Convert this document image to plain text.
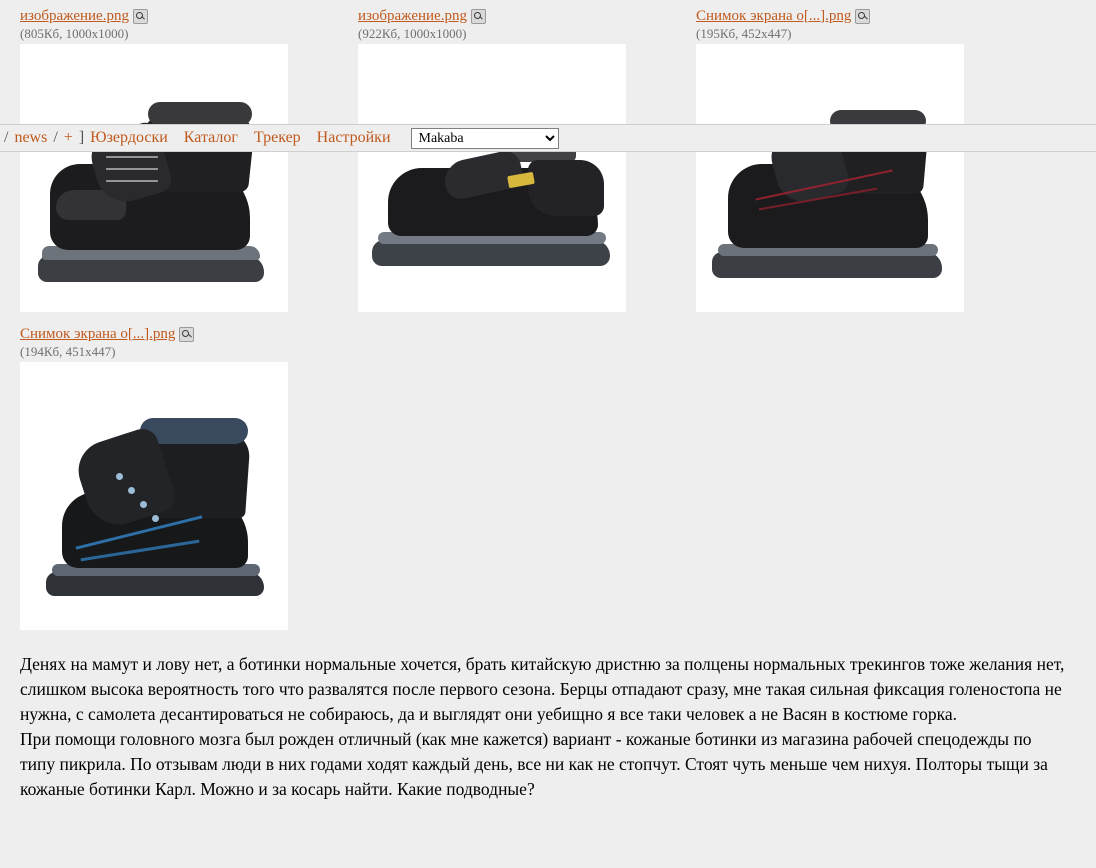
изображение.png
(805Кб, 1000x1000)
изображение.png
(922Кб, 1000x1000)
Снимок экрана о[...].png
(195Кб, 452x447)
Снимок экрана о[...].png
(194Кб, 451x447)
/ news / + ] Юзердоски Каталог Трекер Настройки
Makaba

Денях на мамут и лову нет, а ботинки нормальные хочется, брать китайскую дристню за полцены нормальных трекингов тоже желания нет, слишком высока вероятность того что развалятся после первого сезона. Берцы отпадают сразу, мне такая сильная фиксация голеностопа не нужна, с самолета десантироваться не собираюсь, да и выглядят они уебищно я все таки человек а не Васян в костюме горка.

При помощи головного мозга был рожден отличный (как мне кажется) вариант - кожаные ботинки из магазина рабочей спецодежды по типу пикрила. По отзывам люди в них годами ходят каждый день, все ни как не стопчут. Стоят чуть меньше чем нихуя. Полторы тыщи за кожаные ботинки Карл. Можно и за косарь найти. Какие подводные?
